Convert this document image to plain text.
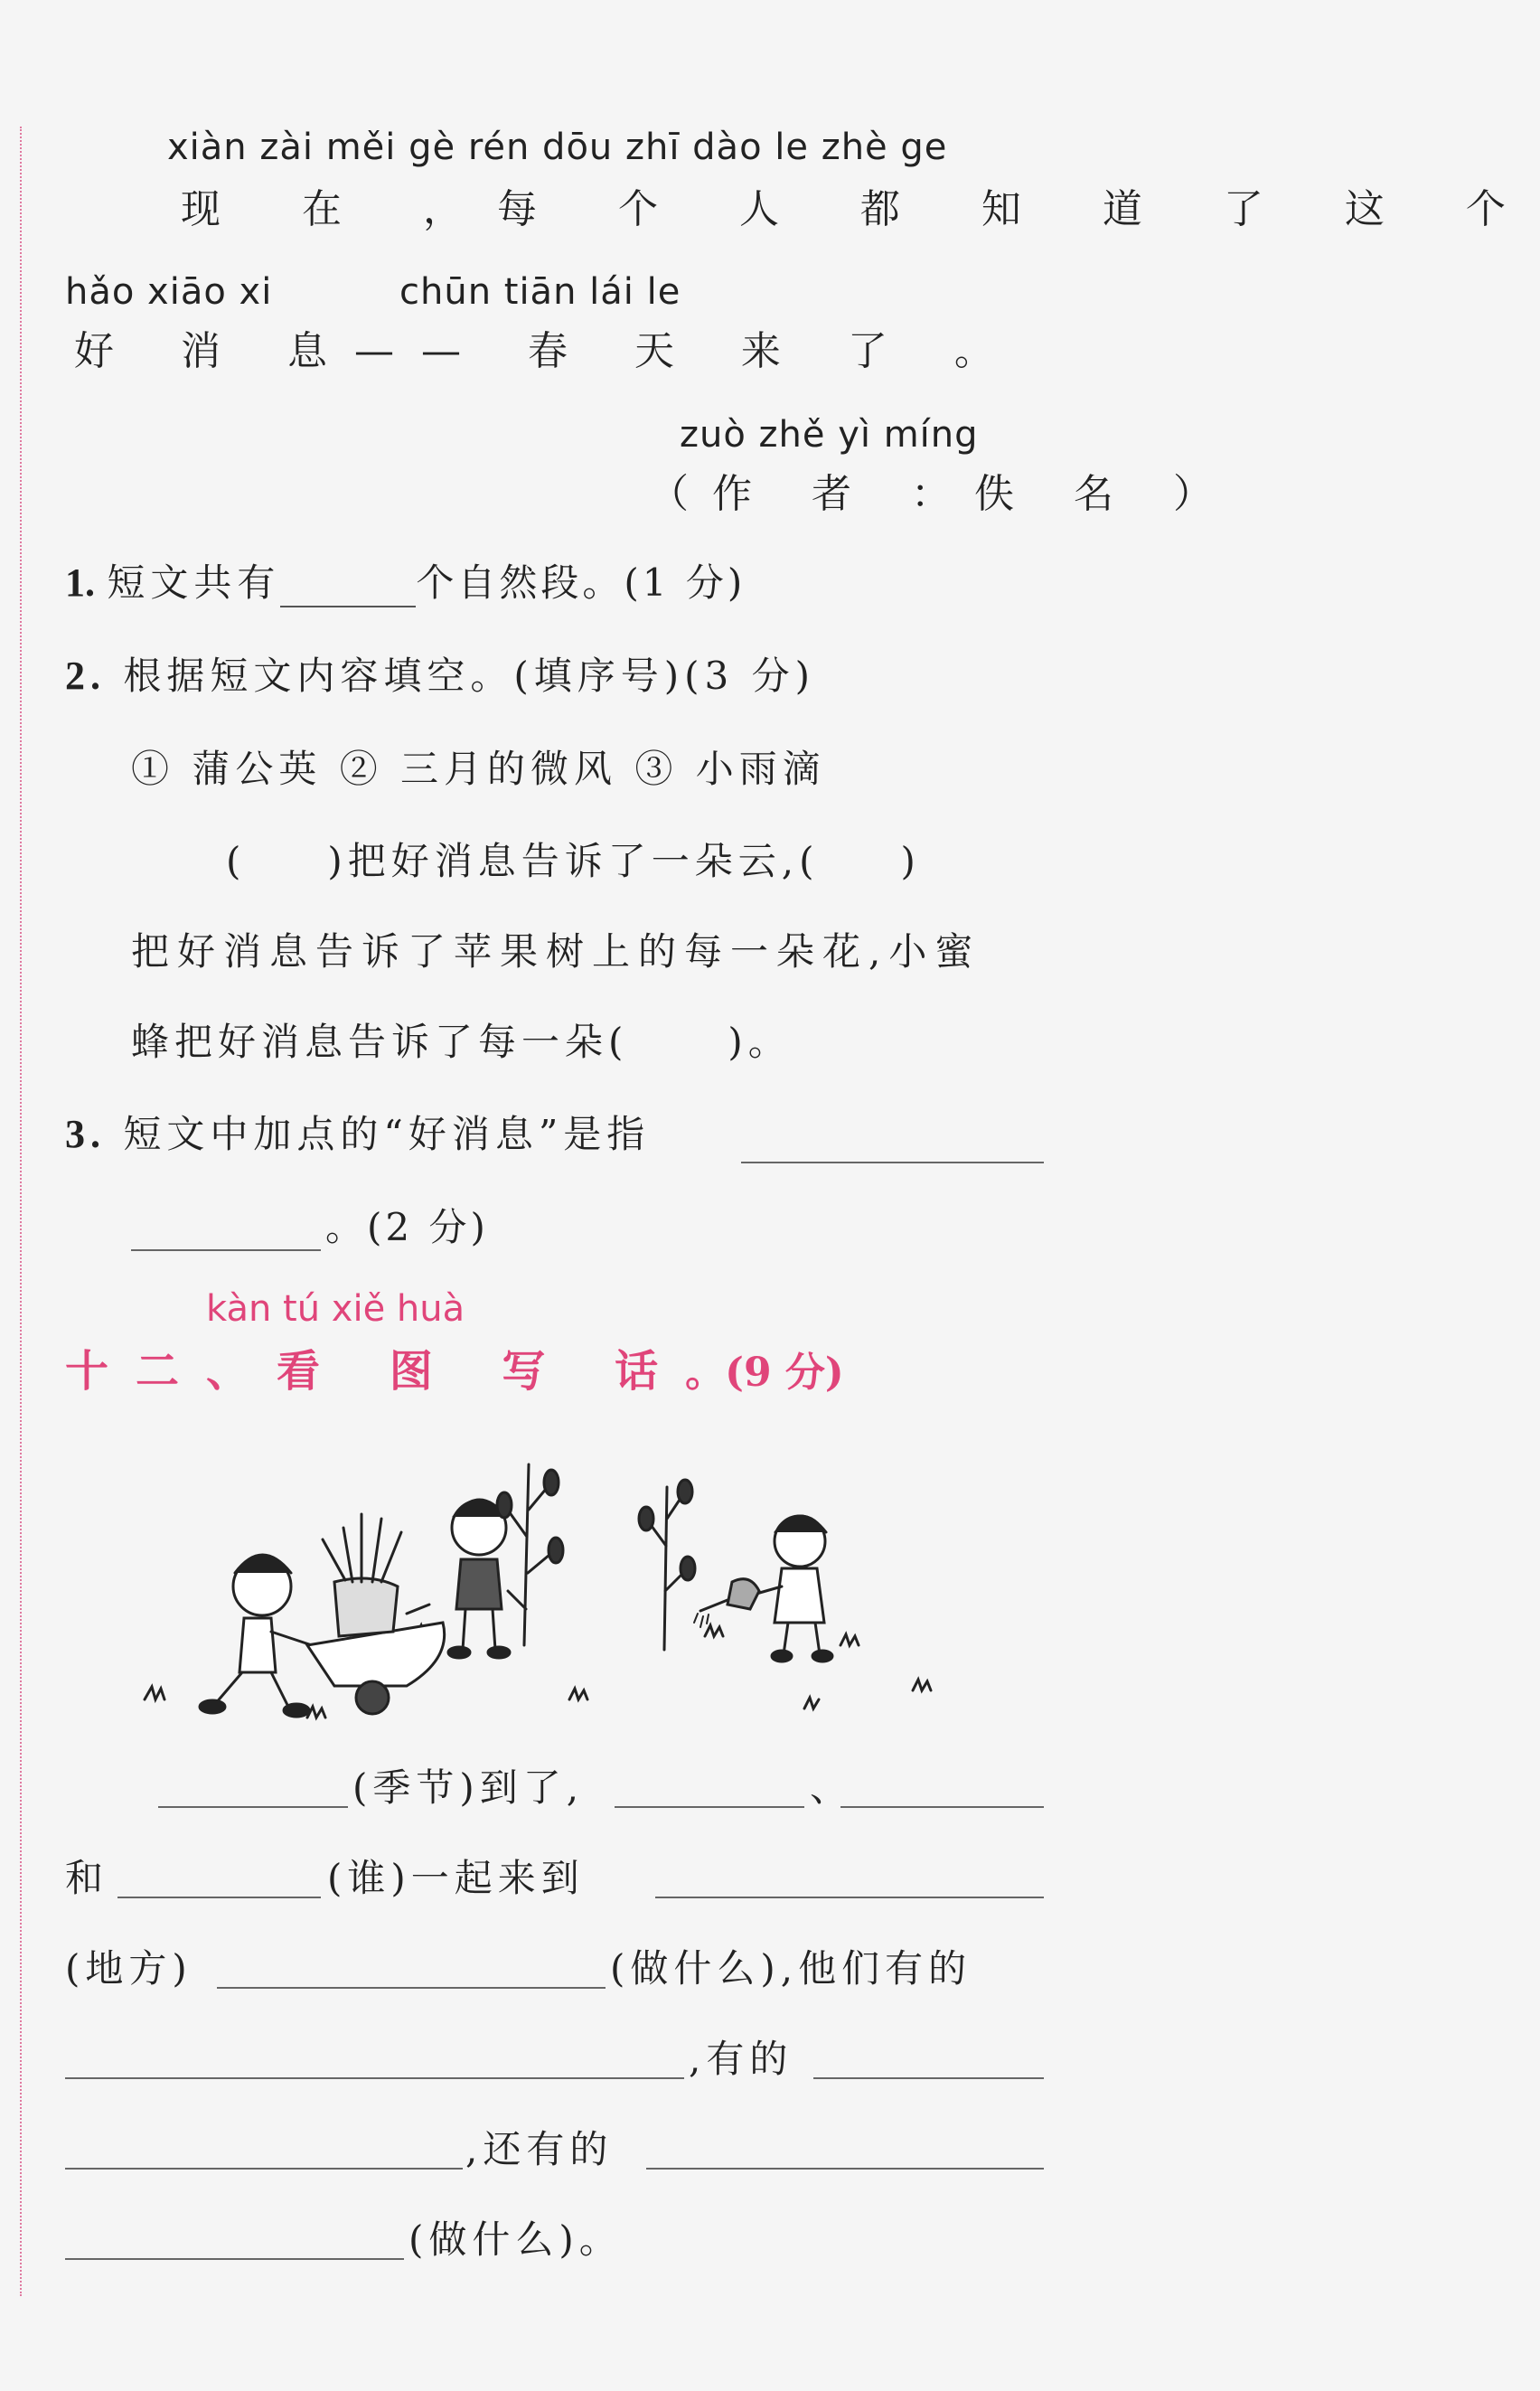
xiàn zài měi gè rén dōu zhī dào le zhè ge
现 在 ，每 个 人 都 知 道 了 这 个
hǎo xiāo xi	chūn tiān lái le
好 消 息—— 春 天 来 了 。
zuò zhě yì míng
（作 者 ：佚 名 ）
1. 短文共有	个自然段。(1 分)
2. 根据短文内容填空。(填序号)(3 分)
① 蒲公英 ② 三月的微风 ③ 小雨滴
( )把好消息告诉了一朵云,( )
把好消息告诉了苹果树上的每一朵花,小蜜
蜂把好消息告诉了每一朵(	)。
3. 短文中加点的“好消息”是指
。(2 分)
kàn tú xiě huà
十二、看 图 写 话。(9 分)
(季节)到了,	、
和	(谁)一起来到
(地方)	(做什么),他们有的
,有的
,还有的
(做什么)。
